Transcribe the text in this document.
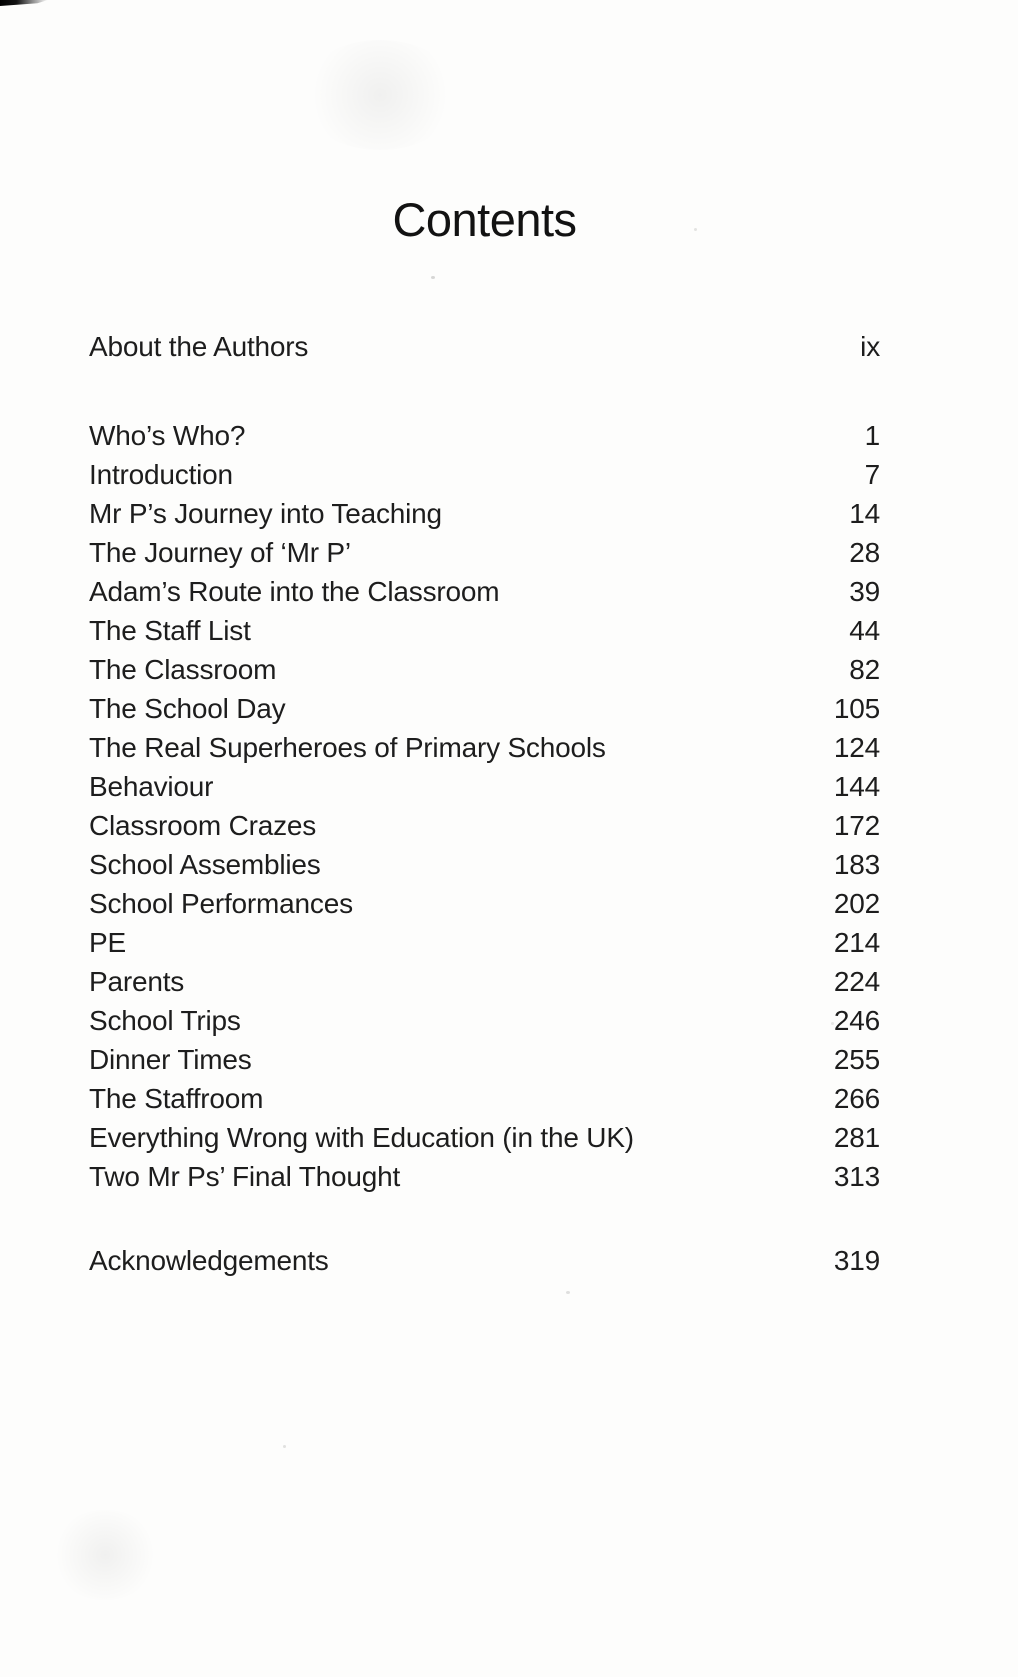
Contents
About the Authors	ix
Who’s Who?	1
Introduction	7
Mr P’s Journey into Teaching	14
The Journey of ‘Mr P’	28
Adam’s Route into the Classroom	39
The Staff List	44
The Classroom	82
The School Day	105
The Real Superheroes of Primary Schools	124
Behaviour	144
Classroom Crazes	172
School Assemblies	183
School Performances	202
PE	214
Parents	224
School Trips	246
Dinner Times	255
The Staffroom	266
Everything Wrong with Education (in the UK)	281
Two Mr Ps’ Final Thought	313
Acknowledgements	319
